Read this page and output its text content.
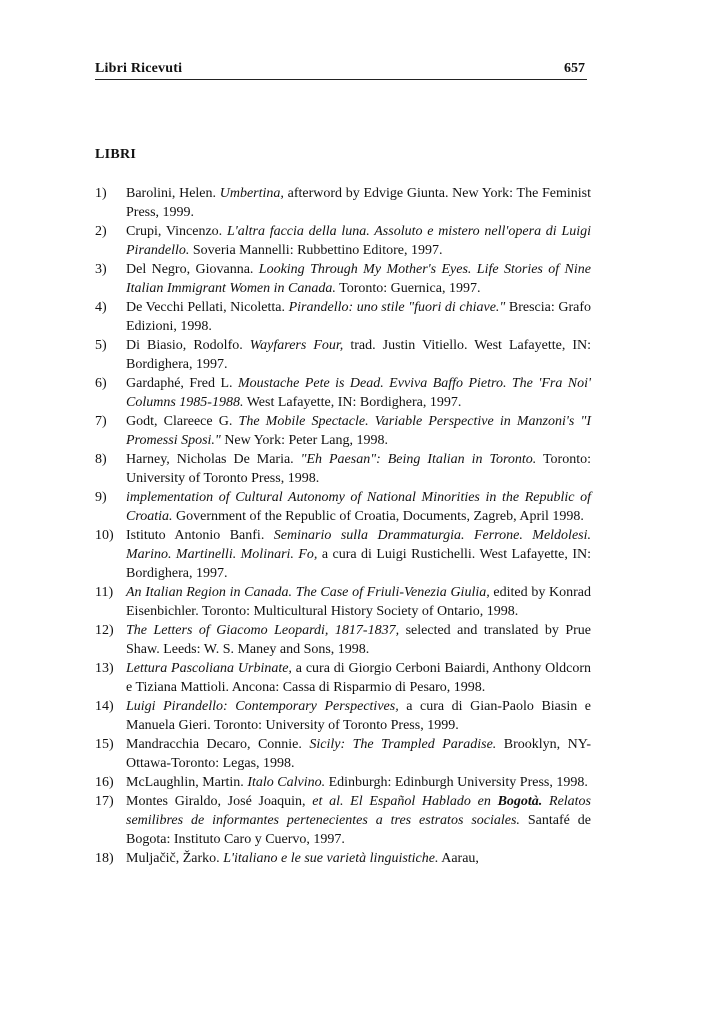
Libri Ricevuti	657
LIBRI
1) Barolini, Helen. Umbertina, afterword by Edvige Giunta. New York: The Feminist Press, 1999.
2) Crupi, Vincenzo. L'altra faccia della luna. Assoluto e mistero nell'opera di Luigi Pirandello. Soveria Mannelli: Rubbettino Editore, 1997.
3) Del Negro, Giovanna. Looking Through My Mother's Eyes. Life Stories of Nine Italian Immigrant Women in Canada. Toronto: Guernica, 1997.
4) De Vecchi Pellati, Nicoletta. Pirandello: uno stile "fuori di chiave." Brescia: Grafo Edizioni, 1998.
5) Di Biasio, Rodolfo. Wayfarers Four, trad. Justin Vitiello. West Lafayette, IN: Bordighera, 1997.
6) Gardaphé, Fred L. Moustache Pete is Dead. Evviva Baffo Pietro. The 'Fra Noi' Columns 1985-1988. West Lafayette, IN: Bordighera, 1997.
7) Godt, Clareece G. The Mobile Spectacle. Variable Perspective in Manzoni's "I Promessi Sposi." New York: Peter Lang, 1998.
8) Harney, Nicholas De Maria. "Eh Paesan": Being Italian in Toronto. Toronto: University of Toronto Press, 1998.
9) implementation of Cultural Autonomy of National Minorities in the Republic of Croatia. Government of the Republic of Croatia, Documents, Zagreb, April 1998.
10) Istituto Antonio Banfi. Seminario sulla Drammaturgia. Ferrone. Meldolesi. Marino. Martinelli. Molinari. Fo, a cura di Luigi Rustichelli. West Lafayette, IN: Bordighera, 1997.
11) An Italian Region in Canada. The Case of Friuli-Venezia Giulia, edited by Konrad Eisenbichler. Toronto: Multicultural History Society of Ontario, 1998.
12) The Letters of Giacomo Leopardi, 1817-1837, selected and translated by Prue Shaw. Leeds: W. S. Maney and Sons, 1998.
13) Lettura Pascoliana Urbinate, a cura di Giorgio Cerboni Baiardi, Anthony Oldcorn e Tiziana Mattioli. Ancona: Cassa di Risparmio di Pesaro, 1998.
14) Luigi Pirandello: Contemporary Perspectives, a cura di Gian-Paolo Biasin e Manuela Gieri. Toronto: University of Toronto Press, 1999.
15) Mandracchia Decaro, Connie. Sicily: The Trampled Paradise. Brooklyn, NY-Ottawa-Toronto: Legas, 1998.
16) McLaughlin, Martin. Italo Calvino. Edinburgh: Edinburgh University Press, 1998.
17) Montes Giraldo, José Joaquin, et al. El Español Hablado en Bogotà. Relatos semilibres de informantes pertenecientes a tres estratos sociales. Santafé de Bogota: Instituto Caro y Cuervo, 1997.
18) Muljačič, Žarko. L'italiano e le sue varietà linguistiche. Aarau,
